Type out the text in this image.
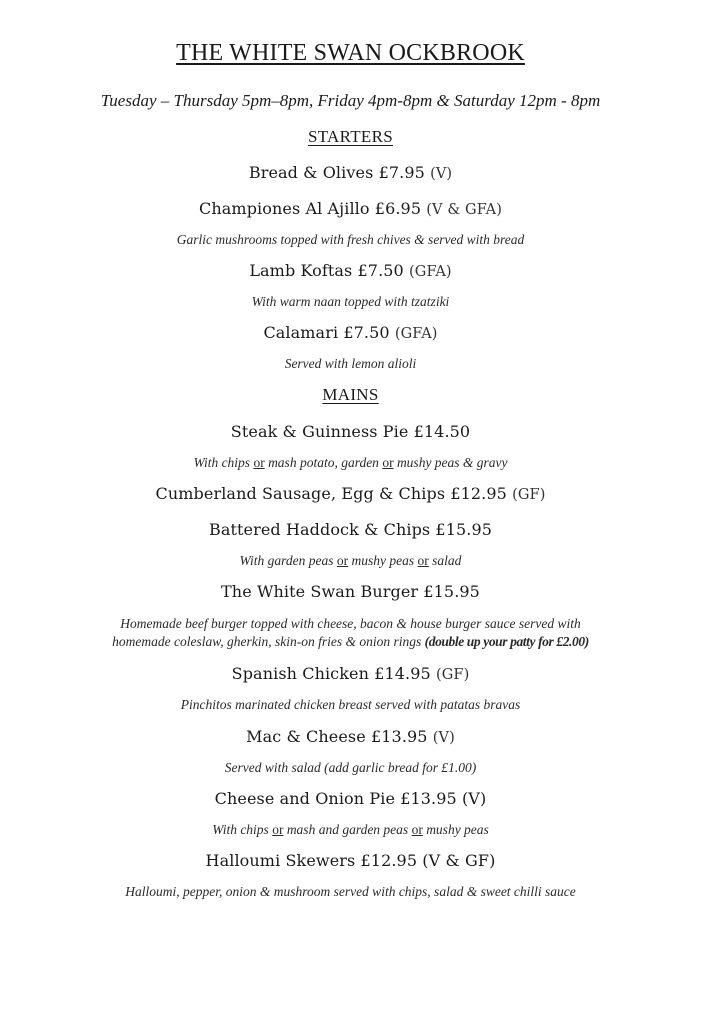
THE WHITE SWAN OCKBROOK
Tuesday – Thursday 5pm–8pm, Friday 4pm-8pm & Saturday 12pm - 8pm
STARTERS
Bread & Olives £7.95 (V)
Championes Al Ajillo £6.95 (V & GFA)
Garlic mushrooms topped with fresh chives & served with bread
Lamb Koftas £7.50 (GFA)
With warm naan topped with tzatziki
Calamari £7.50 (GFA)
Served with lemon alioli
MAINS
Steak & Guinness Pie £14.50
With chips or mash potato, garden or mushy peas & gravy
Cumberland Sausage, Egg & Chips £12.95 (GF)
Battered Haddock & Chips £15.95
With garden peas or mushy peas or salad
The White Swan Burger £15.95
Homemade beef burger topped with cheese, bacon & house burger sauce served with
homemade coleslaw, gherkin, skin-on fries & onion rings (double up your patty for £2.00)
Spanish Chicken £14.95 (GF)
Pinchitos marinated chicken breast served with patatas bravas
Mac & Cheese £13.95 (V)
Served with salad (add garlic bread for £1.00)
Cheese and Onion Pie £13.95 (V)
With chips or mash and garden peas or mushy peas
Halloumi Skewers £12.95 (V & GF)
Halloumi, pepper, onion & mushroom served with chips, salad & sweet chilli sauce
